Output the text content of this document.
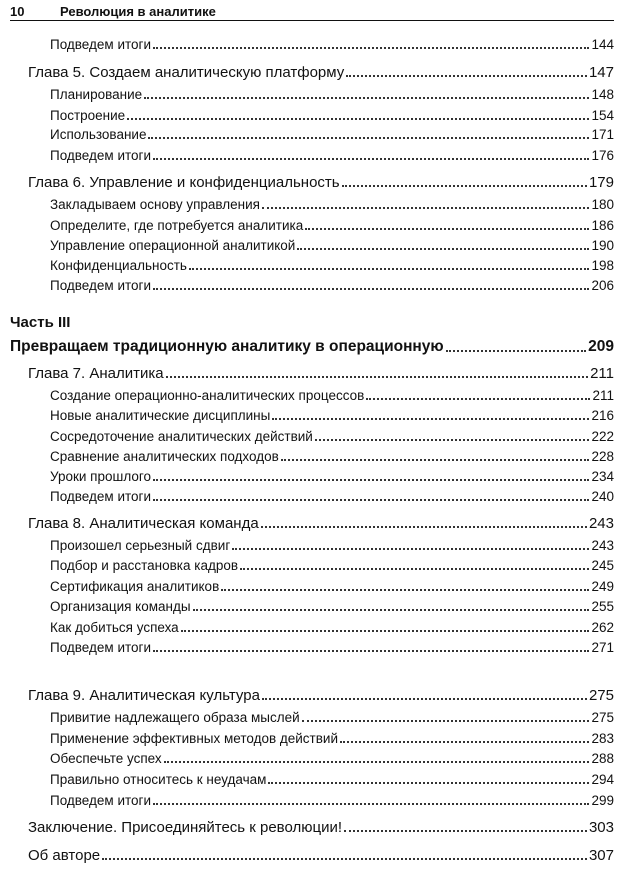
10	Революция в аналитике
Подведем итоги	144
Глава 5. Создаем аналитическую платформу	147
Планирование	148
Построение	154
Использование	171
Подведем итоги	176
Глава 6. Управление и конфиденциальность	179
Закладываем основу управления	180
Определите, где потребуется аналитика	186
Управление операционной аналитикой	190
Конфиденциальность	198
Подведем итоги	206
Часть III
Превращаем традиционную аналитику в операционную	209
Глава 7. Аналитика	211
Создание операционно-аналитических процессов	211
Новые аналитические дисциплины	216
Сосредоточение аналитических действий	222
Сравнение аналитических подходов	228
Уроки прошлого	234
Подведем итоги	240
Глава 8. Аналитическая команда	243
Произошел серьезный сдвиг	243
Подбор и расстановка кадров	245
Сертификация аналитиков	249
Организация команды	255
Как добиться успеха	262
Подведем итоги	271
Глава 9. Аналитическая культура	275
Привитие надлежащего образа мыслей	275
Применение эффективных методов действий	283
Обеспечьте успех	288
Правильно относитесь к неудачам	294
Подведем итоги	299
Заключение. Присоединяйтесь к революции!	303
Об авторе	307
